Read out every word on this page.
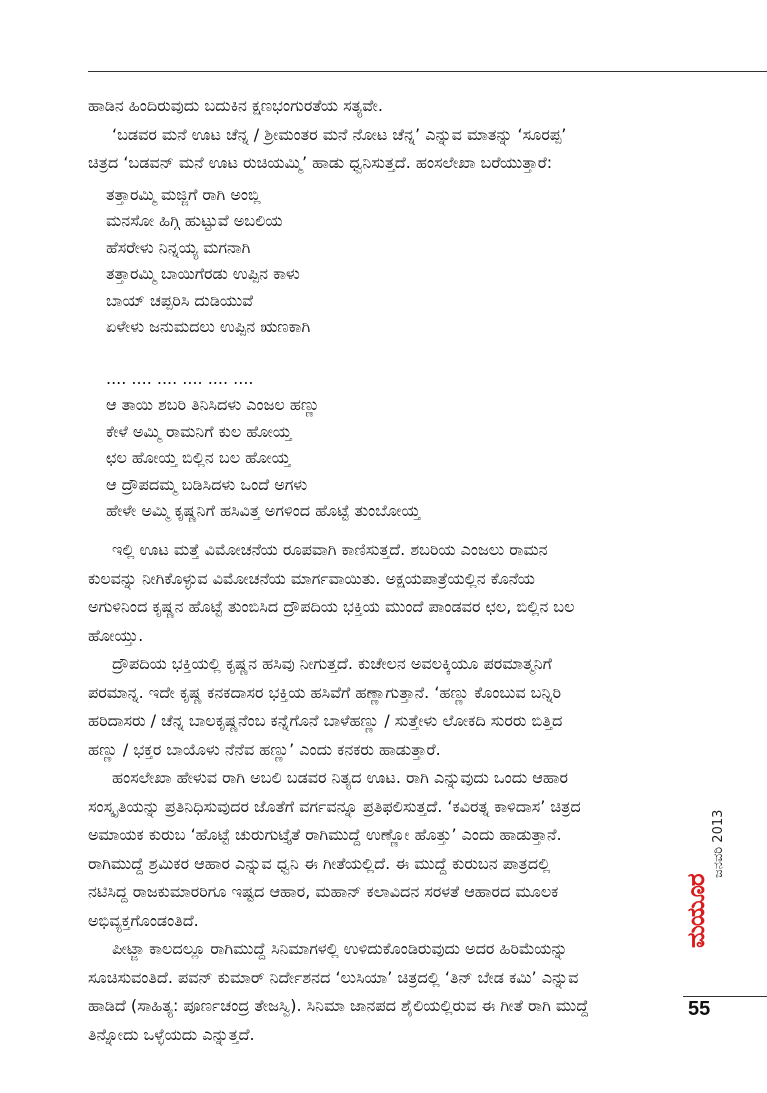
ಹಾಡಿನ ಹಿಂದಿರುವುದು ಬದುಕಿನ ಕ್ಷಣಭಂಗುರತೆಯ ಸತ್ಯವೇ.

‘ಬಡವರ ಮನೆ ಊಟ ಚೆನ್ನ / ಶ್ರೀಮಂತರ ಮನೆ ನೋಟ ಚೆನ್ನ’ ಎನ್ನುವ ಮಾತನ್ನು ‘ಸೂರಪ್ಪ’

ಚಿತ್ರದ ‘ಬಡವನ್ ಮನೆ ಊಟ ರುಚಿಯಮ್ಮಿ’ ಹಾಡು ಧ್ವನಿಸುತ್ತದೆ. ಹಂಸಲೇಖಾ ಬರೆಯುತ್ತಾರೆ:

ತತ್ತಾರಮ್ಮಿ ಮಜ್ಜಿಗೆ ರಾಗಿ ಅಂಬ್ಲಿ
ಮನಸೋ ಹಿಗ್ಗಿ ಹುಟ್ಟುವೆ ಅಬಲಿಯ
ಹೆಸರೇಳು ನಿನ್ನಯ್ಯ ಮಗನಾಗಿ
ತತ್ತಾರಮ್ಮಿ ಬಾಯಿಗೆರಡು ಉಪ್ಪಿನ ಕಾಳು
ಬಾಯ್ ಚಪ್ಪರಿಸಿ ದುಡಿಯುವೆ
ಏಳೇಳು ಜನುಮದಲು ಉಪ್ಪಿನ ಋಣಕಾಗಿ
.... .... .... .... .... ....
ಆ ತಾಯಿ ಶಬರಿ ತಿನಿಸಿದಳು ಎಂಜಲ ಹಣ್ಣು
ಕೇಳೆ ಅಮ್ಮಿ ರಾಮನಿಗೆ ಕುಲ ಹೋಯ್ತ
ಛಲ ಹೋಯ್ತ ಬಿಲ್ಲಿನ ಬಲ ಹೋಯ್ತ
ಆ ದ್ರೌಪದಮ್ಮ ಬಡಿಸಿದಳು ಒಂದೆ ಅಗಳು
ಹೇಳೇ ಅಮ್ಮಿ ಕೃಷ್ಣನಿಗೆ ಹಸಿವಿತ್ತ ಅಗಳಿಂದ ಹೊಟ್ಟೆ ತುಂಬೋಯ್ತ

ಇಲ್ಲಿ ಊಟ ಮತ್ತೆ ವಿಮೋಚನೆಯ ರೂಪವಾಗಿ ಕಾಣಿಸುತ್ತದೆ. ಶಬರಿಯ ಎಂಜಲು ರಾಮನ

ಕುಲವನ್ನು ನೀಗಿಕೊಳ್ಳುವ ವಿಮೋಚನೆಯ ಮಾರ್ಗವಾಯಿತು. ಅಕ್ಷಯಪಾತ್ರೆಯಲ್ಲಿನ ಕೊನೆಯ

ಅಗುಳಿನಿಂದ ಕೃಷ್ಣನ ಹೊಟ್ಟೆ ತುಂಬಿಸಿದ ದ್ರೌಪದಿಯ ಭಕ್ತಿಯ ಮುಂದೆ ಪಾಂಡವರ ಛಲ, ಬಿಲ್ಲಿನ ಬಲ

ಹೋಯ್ತು.

ದ್ರೌಪದಿಯ ಭಕ್ತಿಯಲ್ಲಿ ಕೃಷ್ಣನ ಹಸಿವು ನೀಗುತ್ತದೆ. ಕುಚೇಲನ ಅವಲಕ್ಕಿಯೂ ಪರಮಾತ್ಮನಿಗೆ

ಪರಮಾನ್ನ. ಇದೇ ಕೃಷ್ಣ ಕನಕದಾಸರ ಭಕ್ತಿಯ ಹಸಿವೆಗೆ ಹಣ್ಣಾಗುತ್ತಾನೆ. ‘ಹಣ್ಣು ಕೊಂಬುವ ಬನ್ನಿರಿ

ಹರಿದಾಸರು / ಚೆನ್ನ ಬಾಲಕೃಷ್ಣನೆಂಬ ಕನ್ನೆಗೊನೆ ಬಾಳೆಹಣ್ಣು / ಸುತ್ತೇಳು ಲೋಕದಿ ಸುರರು ಬಿತ್ತಿದ

ಹಣ್ಣು / ಭಕ್ತರ ಬಾಯೊಳು ನೆನೆವ ಹಣ್ಣು’ ಎಂದು ಕನಕರು ಹಾಡುತ್ತಾರೆ.

ಹಂಸಲೇಖಾ ಹೇಳುವ ರಾಗಿ ಅಬಲಿ ಬಡವರ ನಿತ್ಯದ ಊಟ. ರಾಗಿ ಎನ್ನುವುದು ಒಂದು ಆಹಾರ

ಸಂಸ್ಕೃತಿಯನ್ನು ಪ್ರತಿನಿಧಿಸುವುದರ ಜೊತೆಗೆ ವರ್ಗವನ್ನೂ ಪ್ರತಿಫಲಿಸುತ್ತದೆ. ‘ಕವಿರತ್ನ ಕಾಳಿದಾಸ’ ಚಿತ್ರದ

ಅಮಾಯಕ ಕುರುಬ ‘ಹೊಟ್ಟೆ ಚುರುಗುಟ್ತೈತೆ ರಾಗಿಮುದ್ದೆ ಉಣ್ಣೋ ಹೊತ್ತು’ ಎಂದು ಹಾಡುತ್ತಾನೆ.

ರಾಗಿಮುದ್ದೆ ಶ್ರಮಿಕರ ಆಹಾರ ಎನ್ನುವ ಧ್ವನಿ ಈ ಗೀತೆಯಲ್ಲಿದೆ. ಈ ಮುದ್ದೆ ಕುರುಬನ ಪಾತ್ರದಲ್ಲಿ

ನಟಿಸಿದ್ದ ರಾಜಕುಮಾರರಿಗೂ ಇಷ್ಟದ ಆಹಾರ, ಮಹಾನ್ ಕಲಾವಿದನ ಸರಳತೆ ಆಹಾರದ ಮೂಲಕ

ಅಭಿವ್ಯಕ್ತಗೊಂಡಂತಿದೆ.

ಪೀಟ್ಜಾ ಕಾಲದಲ್ಲೂ ರಾಗಿಮುದ್ದೆ ಸಿನಿಮಾಗಳಲ್ಲಿ ಉಳಿದುಕೊಂಡಿರುವುದು ಅದರ ಹಿರಿಮೆಯನ್ನು

ಸೂಚಿಸುವಂತಿದೆ. ಪವನ್ ಕುಮಾರ್ ನಿರ್ದೇಶನದ ‘ಲುಸಿಯಾ’ ಚಿತ್ರದಲ್ಲಿ ‘ತಿನ್ ಬೇಡ ಕಮಿ’ ಎನ್ನುವ

ಹಾಡಿದೆ (ಸಾಹಿತ್ಯ: ಪೂರ್ಣಚಂದ್ರ ತೇಜಸ್ವಿ). ಸಿನಿಮಾ ಜಾನಪದ ಶೈಲಿಯಲ್ಲಿರುವ ಈ ಗೀತೆ ರಾಗಿ ಮುದ್ದೆ

ತಿನ್ನೋದು ಒಳ್ಳೆಯದು ಎನ್ನುತ್ತದೆ.

ಮಯೂರ
ಜನವರಿ 2013
55
